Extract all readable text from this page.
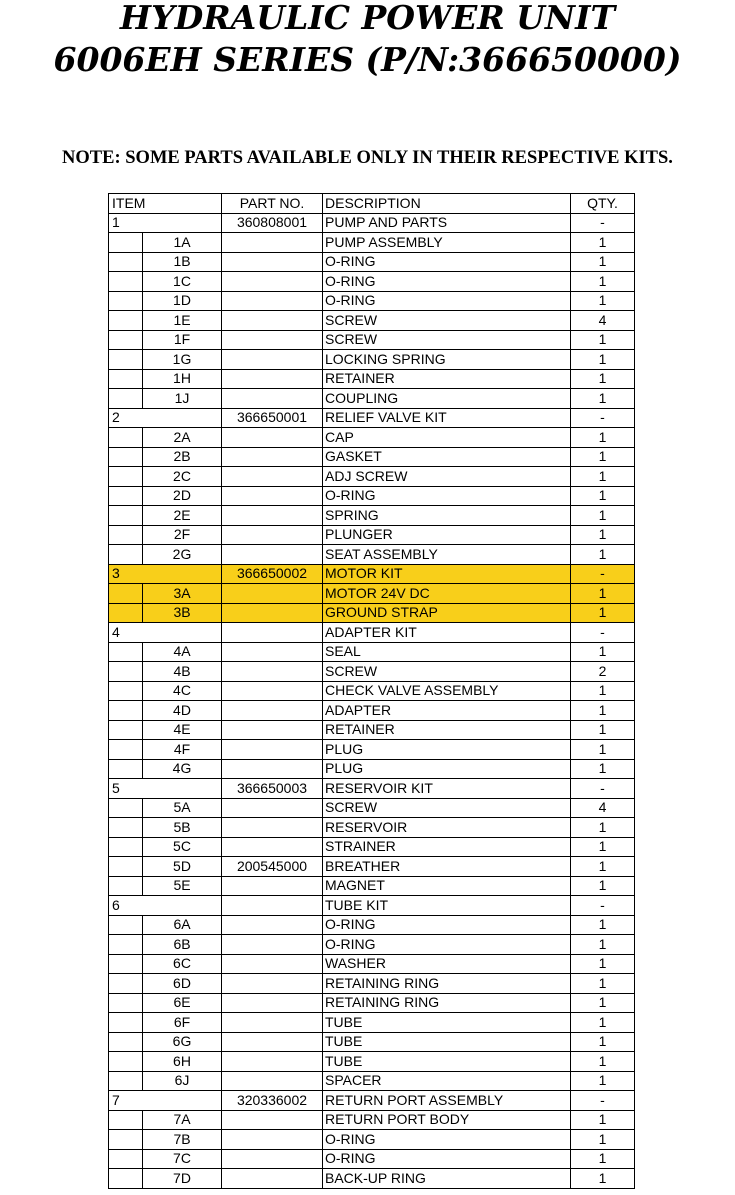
HYDRAULIC POWER UNIT
6006EH SERIES (P/N:366650000)
NOTE: SOME PARTS AVAILABLE ONLY IN THEIR RESPECTIVE KITS.
ITEM		PART NO.	DESCRIPTION	QTY.
1		360808001	PUMP AND PARTS	-
	1A		PUMP ASSEMBLY	1
	1B		O-RING	1
	1C		O-RING	1
	1D		O-RING	1
	1E		SCREW	4
	1F		SCREW	1
	1G		LOCKING SPRING	1
	1H		RETAINER	1
	1J		COUPLING	1
2		366650001	RELIEF VALVE KIT	-
	2A		CAP	1
	2B		GASKET	1
	2C		ADJ SCREW	1
	2D		O-RING	1
	2E		SPRING	1
	2F		PLUNGER	1
	2G		SEAT ASSEMBLY	1
3		366650002	MOTOR KIT	-
	3A		MOTOR 24V DC	1
	3B		GROUND STRAP	1
4			ADAPTER KIT	-
	4A		SEAL	1
	4B		SCREW	2
	4C		CHECK VALVE ASSEMBLY	1
	4D		ADAPTER	1
	4E		RETAINER	1
	4F		PLUG	1
	4G		PLUG	1
5		366650003	RESERVOIR KIT	-
	5A		SCREW	4
	5B		RESERVOIR	1
	5C		STRAINER	1
	5D	200545000	BREATHER	1
	5E		MAGNET	1
6			TUBE KIT	-
	6A		O-RING	1
	6B		O-RING	1
	6C		WASHER	1
	6D		RETAINING RING	1
	6E		RETAINING RING	1
	6F		TUBE	1
	6G		TUBE	1
	6H		TUBE	1
	6J		SPACER	1
7		320336002	RETURN PORT ASSEMBLY	-
	7A		RETURN PORT BODY	1
	7B		O-RING	1
	7C		O-RING	1
	7D		BACK-UP RING	1
